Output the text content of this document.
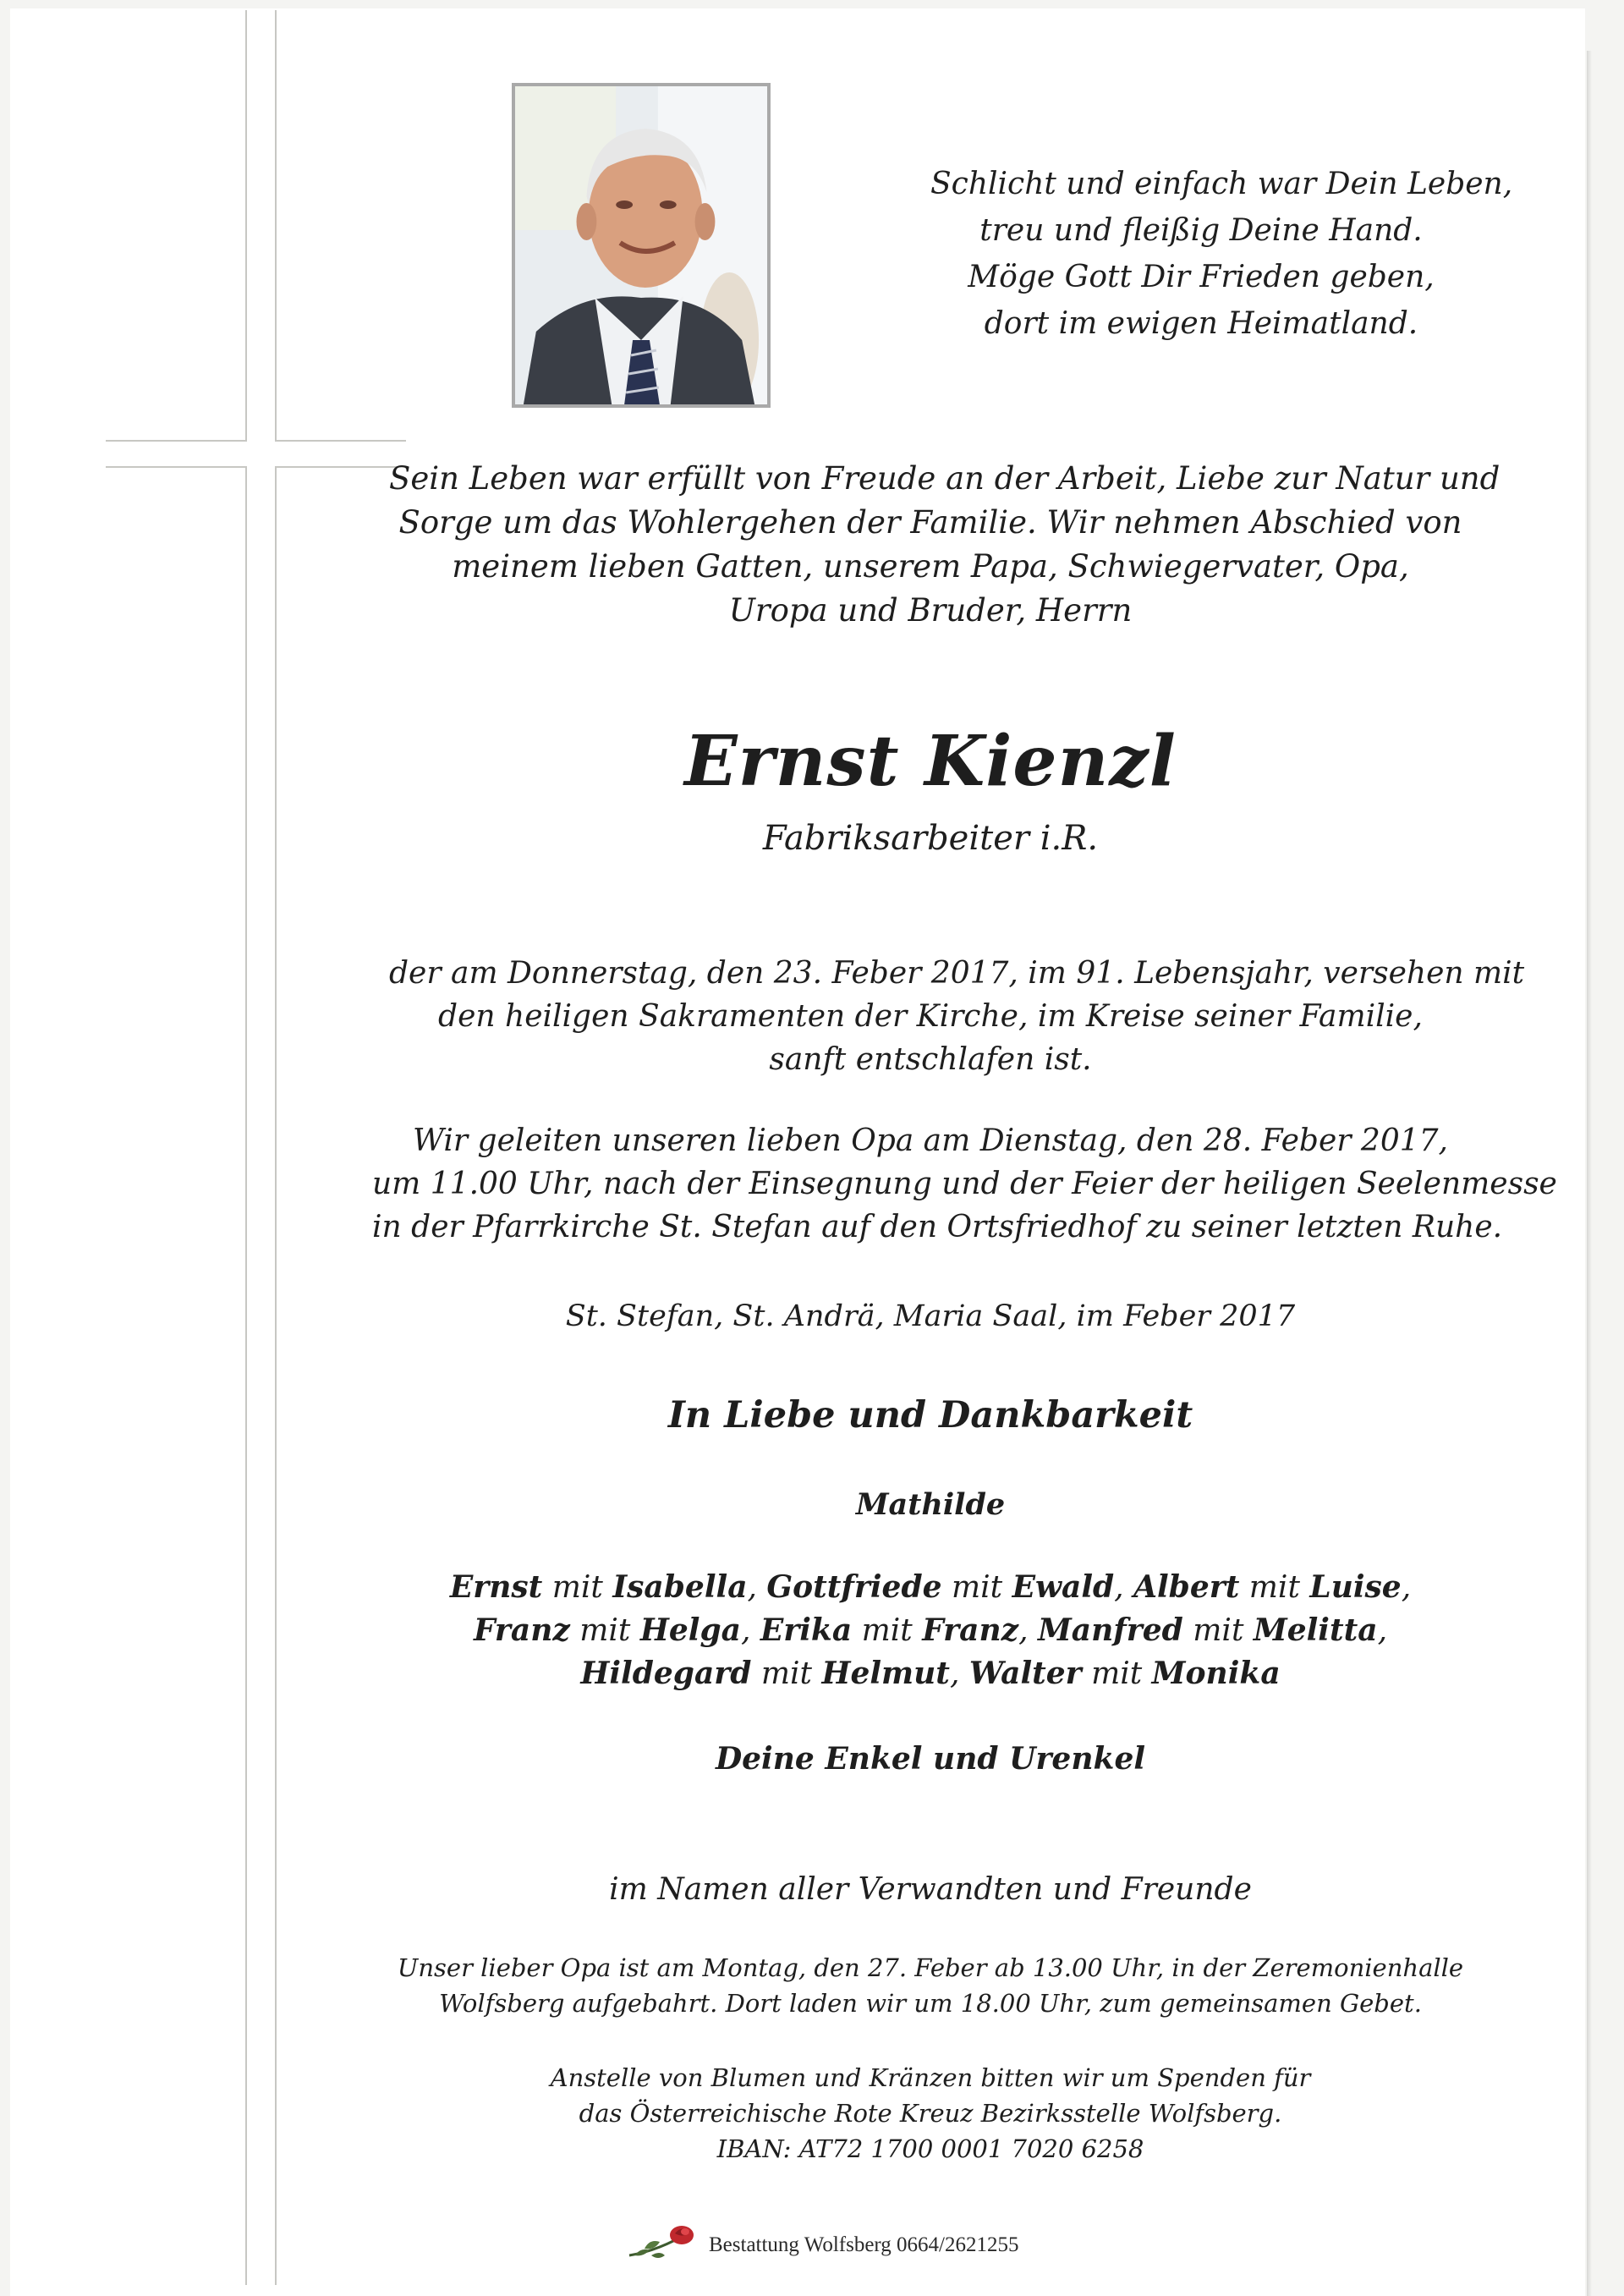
Schlicht und einfach war Dein Leben,
treu und fleißig Deine Hand.
Möge Gott Dir Frieden geben,
dort im ewigen Heimatland.
Sein Leben war erfüllt von Freude an der Arbeit, Liebe zur Natur und
Sorge um das Wohlergehen der Familie. Wir nehmen Abschied von
meinem lieben Gatten, unserem Papa, Schwiegervater, Opa,
Uropa und Bruder, Herrn
Ernst Kienzl
Fabriksarbeiter i.R.
der am Donnerstag, den 23. Feber 2017, im 91. Lebensjahr, versehen mit
den heiligen Sakramenten der Kirche, im Kreise seiner Familie,
sanft entschlafen ist.
Wir geleiten unseren lieben Opa am Dienstag, den 28. Feber 2017,
um 11.00 Uhr, nach der Einsegnung und der Feier der heiligen Seelenmesse
in der Pfarrkirche St. Stefan auf den Ortsfriedhof zu seiner letzten Ruhe.
St. Stefan, St. Andrä, Maria Saal, im Feber 2017
In Liebe und Dankbarkeit
Mathilde
Ernst mit Isabella, Gottfriede mit Ewald, Albert mit Luise,
Franz mit Helga, Erika mit Franz, Manfred mit Melitta,
Hildegard mit Helmut, Walter mit Monika
Deine Enkel und Urenkel
im Namen aller Verwandten und Freunde
Unser lieber Opa ist am Montag, den 27. Feber ab 13.00 Uhr, in der Zeremonienhalle
Wolfsberg aufgebahrt. Dort laden wir um 18.00 Uhr, zum gemeinsamen Gebet.
Anstelle von Blumen und Kränzen bitten wir um Spenden für
das Österreichische Rote Kreuz Bezirksstelle Wolfsberg.
IBAN: AT72 1700 0001 7020 6258
Bestattung Wolfsberg 0664/2621255
